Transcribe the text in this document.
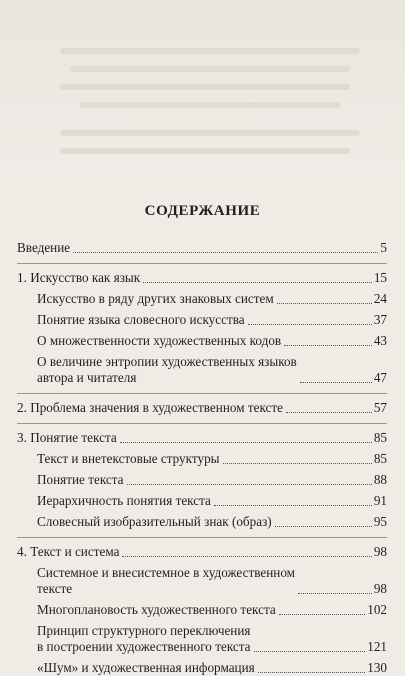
СОДЕРЖАНИЕ
Введение	5
1. Искусство как язык	15
Искусство в ряду других знаковых систем	24
Понятие языка словесного искусства	37
О множественности художественных кодов	43
О величине энтропии художественных языков
автора и читателя	47
2. Проблема значения в художественном тексте	57
3. Понятие текста	85
Текст и внетекстовые структуры	85
Понятие текста	88
Иерархичность понятия текста	91
Словесный изобразительный знак (образ)	95
4. Текст и система	98
Системное и внесистемное в художественном
тексте	98
Многоплановость художественного текста	102
Принцип структурного переключения
в построении художественного текста	121
«Шум» и художественная информация	130
